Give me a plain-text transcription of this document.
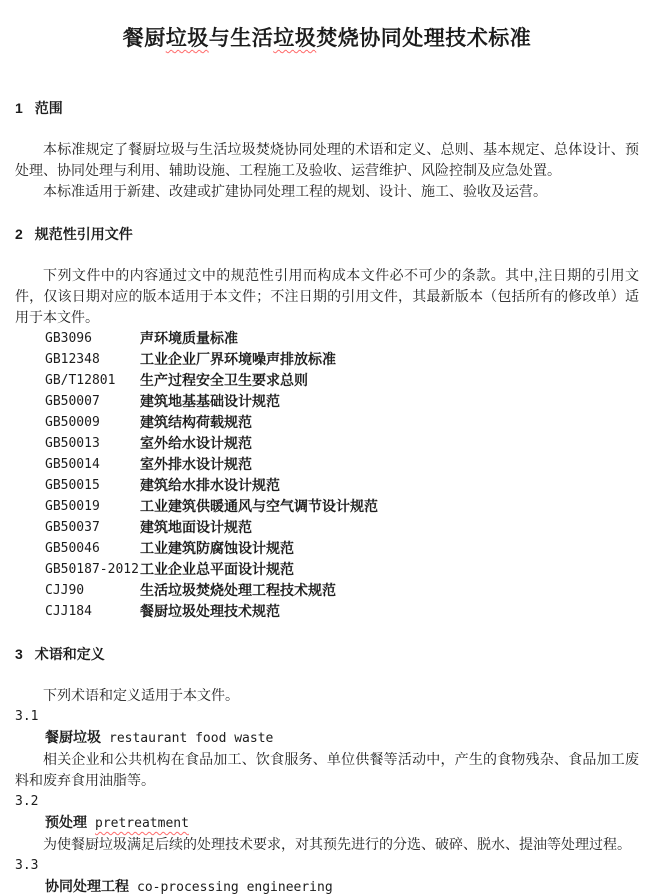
餐厨垃圾与生活垃圾焚烧协同处理技术标准
1 范围

本标准规定了餐厨垃圾与生活垃圾焚烧协同处理的术语和定义、总则、基本规定、总体设计、预处理、协同处理与利用、辅助设施、工程施工及验收、运营维护、风险控制及应急处置。

本标准适用于新建、改建或扩建协同处理工程的规划、设计、施工、验收及运营。

2 规范性引用文件

下列文件中的内容通过文中的规范性引用而构成本文件必不可少的条款。其中,注日期的引用文件，仅该日期对应的版本适用于本文件；不注日期的引用文件，其最新版本（包括所有的修改单）适用于本文件。

GB3096	声环境质量标准
GB12348	工业企业厂界环境噪声排放标准
GB/T12801	生产过程安全卫生要求总则
GB50007	建筑地基基础设计规范
GB50009	建筑结构荷载规范
GB50013	室外给水设计规范
GB50014	室外排水设计规范
GB50015	建筑给水排水设计规范
GB50019	工业建筑供暖通风与空气调节设计规范
GB50037	建筑地面设计规范
GB50046	工业建筑防腐蚀设计规范
GB50187-2012 工业企业总平面设计规范
CJJ90	生活垃圾焚烧处理工程技术规范
CJJ184	餐厨垃圾处理技术规范
3 术语和定义

下列术语和定义适用于本文件。

3.1
餐厨垃圾 restaurant food waste

相关企业和公共机构在食品加工、饮食服务、单位供餐等活动中，产生的食物残杂、食品加工废料和废弃食用油脂等。

3.2
预处理 pretreatment

为使餐厨垃圾满足后续的处理技术要求，对其预先进行的分选、破碎、脱水、提油等处理过程。

3.3
协同处理工程 co-processing engineering
